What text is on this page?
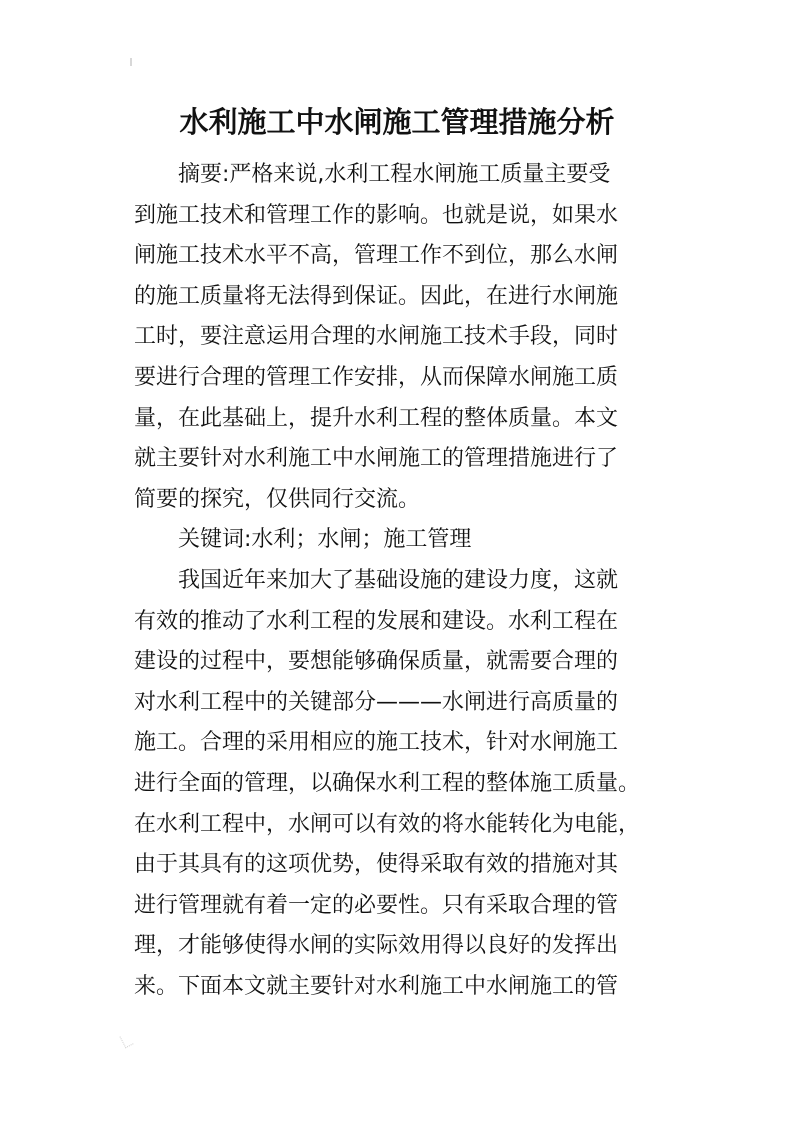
水利施工中水闸施工管理措施分析
摘要:严格来说,水利工程水闸施工质量主要受
到施工技术和管理工作的影响。也就是说，如果水
闸施工技术水平不高，管理工作不到位，那么水闸
的施工质量将无法得到保证。因此，在进行水闸施
工时，要注意运用合理的水闸施工技术手段，同时
要进行合理的管理工作安排，从而保障水闸施工质
量，在此基础上，提升水利工程的整体质量。本文
就主要针对水利施工中水闸施工的管理措施进行了
简要的探究，仅供同行交流。
关键词:水利；水闸；施工管理
我国近年来加大了基础设施的建设力度，这就
有效的推动了水利工程的发展和建设。水利工程在
建设的过程中，要想能够确保质量，就需要合理的
对水利工程中的关键部分———水闸进行高质量的
施工。合理的采用相应的施工技术，针对水闸施工
进行全面的管理，以确保水利工程的整体施工质量。
在水利工程中，水闸可以有效的将水能转化为电能，
由于其具有的这项优势，使得采取有效的措施对其
进行管理就有着一定的必要性。只有采取合理的管
理，才能够使得水闸的实际效用得以良好的发挥出
来。下面本文就主要针对水利施工中水闸施工的管
